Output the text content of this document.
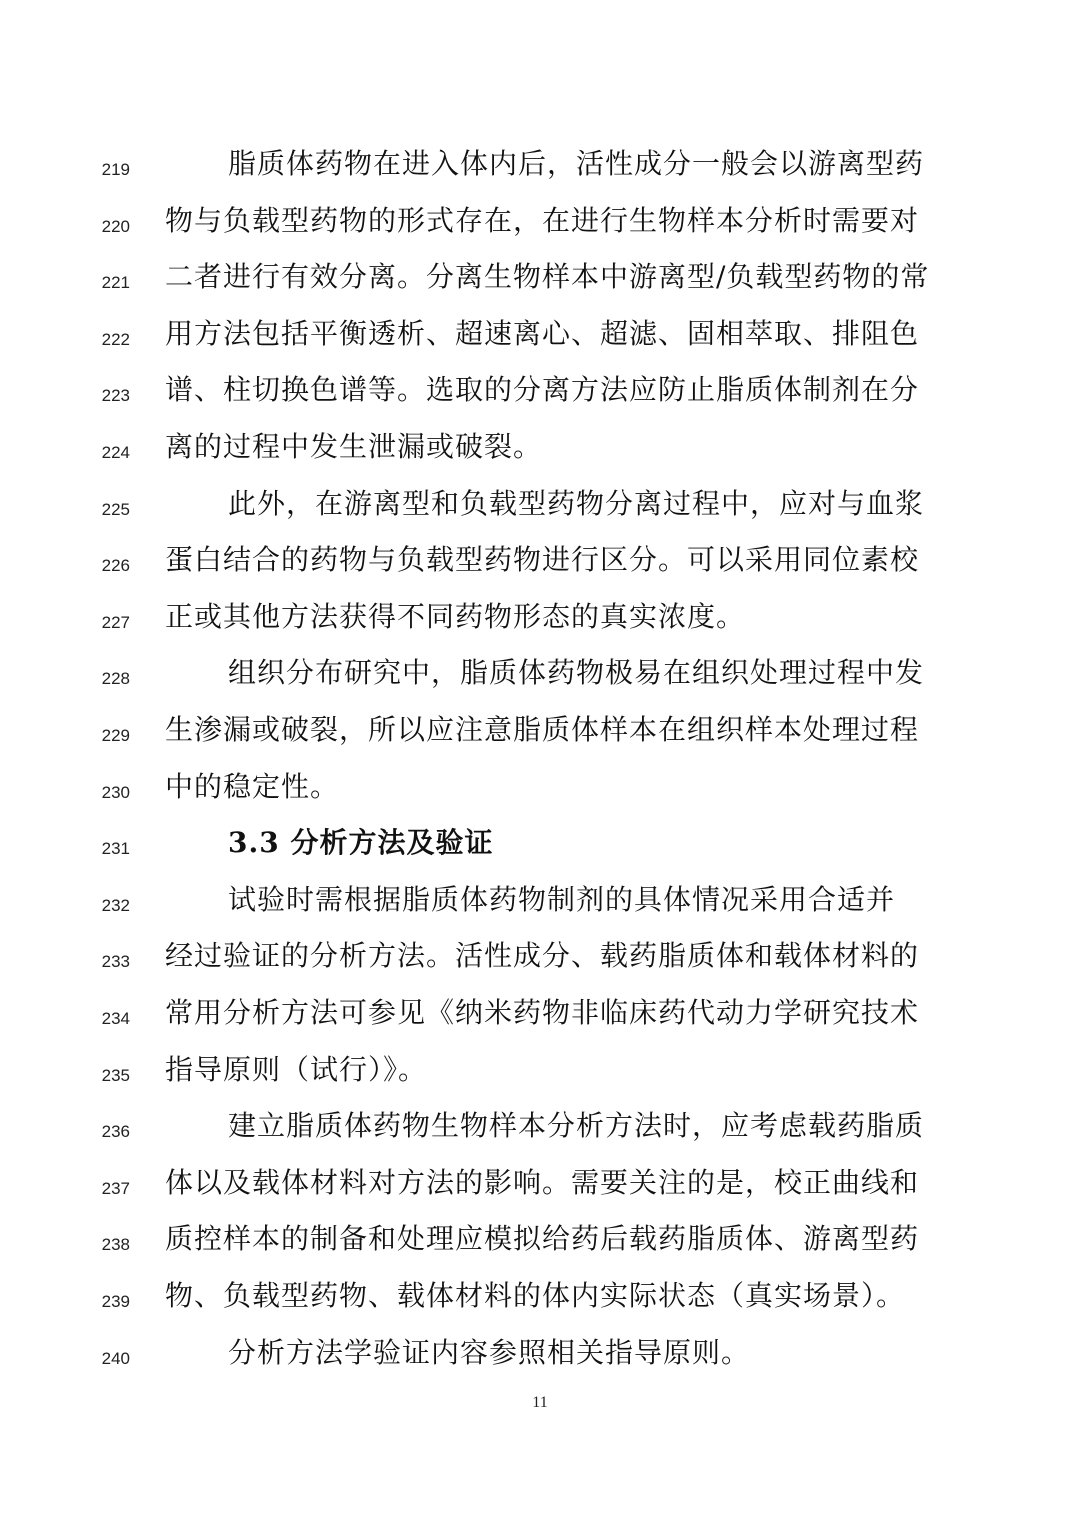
219	脂质体药物在进入体内后，活性成分一般会以游离型药
220 物与负载型药物的形式存在，在进行生物样本分析时需要对
221 二者进行有效分离。分离生物样本中游离型/负载型药物的常
222 用方法包括平衡透析、超速离心、超滤、固相萃取、排阻色
223 谱、柱切换色谱等。选取的分离方法应防止脂质体制剂在分
224 离的过程中发生泄漏或破裂。
225	此外，在游离型和负载型药物分离过程中，应对与血浆
226 蛋白结合的药物与负载型药物进行区分。可以采用同位素校
227 正或其他方法获得不同药物形态的真实浓度。
228	组织分布研究中，脂质体药物极易在组织处理过程中发
229 生渗漏或破裂，所以应注意脂质体样本在组织样本处理过程
230 中的稳定性。
231	3.3 分析方法及验证
232	试验时需根据脂质体药物制剂的具体情况采用合适并
233 经过验证的分析方法。活性成分、载药脂质体和载体材料的
234 常用分析方法可参见《纳米药物非临床药代动力学研究技术
235 指导原则（试行）》。
236	建立脂质体药物生物样本分析方法时，应考虑载药脂质
237 体以及载体材料对方法的影响。需要关注的是，校正曲线和
238 质控样本的制备和处理应模拟给药后载药脂质体、游离型药
239 物、负载型药物、载体材料的体内实际状态（真实场景）。
240	分析方法学验证内容参照相关指导原则。
11
